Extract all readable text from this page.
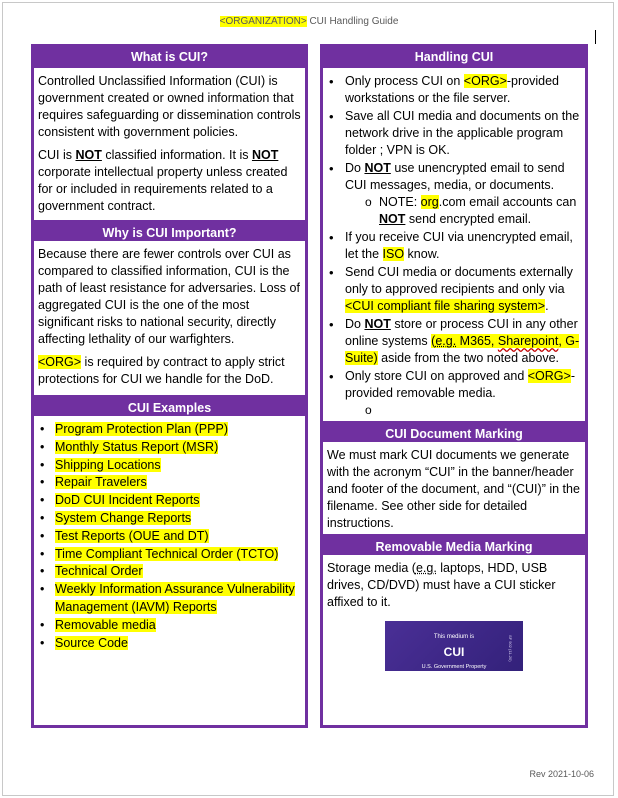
<ORGANIZATION> CUI Handling Guide
What is CUI?

Controlled Unclassified Information (CUI) is government created or owned information that requires safeguarding or dissemination controls consistent with government policies.

CUI is NOT classified information. It is NOT corporate intellectual property unless created for or included in requirements related to a government contract.

Why is CUI Important?

Because there are fewer controls over CUI as compared to classified information, CUI is the path of least resistance for adversaries. Loss of aggregated CUI is the one of the most significant risks to national security, directly affecting lethality of our warfighters.

<ORG> is required by contract to apply strict protections for CUI we handle for the DoD.

CUI Examples
• Program Protection Plan (PPP)
• Monthly Status Report (MSR)
• Shipping Locations
• Repair Travelers
• DoD CUI Incident Reports
• System Change Reports
• Test Reports (OUE and DT)
• Time Compliant Technical Order (TCTO)
• Technical Order
• Weekly Information Assurance Vulnerability Management (IAVM) Reports
• Removable media
• Source Code
Handling CUI
• Only process CUI on <ORG>-provided workstations or the file server.
• Save all CUI media and documents on the network drive in the applicable program folder ; VPN is OK.
• Do NOT use unencrypted email to send CUI messages, media, or documents.
o NOTE: org.com email accounts can NOT send encrypted email.
• If you receive CUI via unencrypted email, let the ISO know.
• Send CUI media or documents externally only to approved recipients and only via <CUI compliant file sharing system>.
• Do NOT store or process CUI in any other online systems (e.g. M365, Sharepoint, G-Suite) aside from the two noted above.
• Only store CUI on approved and <ORG>-provided removable media.
o
CUI Document Marking

We must mark CUI documents we generate with the acronym “CUI” in the banner/header and footer of the document, and “(CUI)” in the filename. See other side for detailed instructions.

Removable Media Marking

Storage media (e.g. laptops, HDD, USB drives, CD/DVD) must have a CUI sticker affixed to it.

This medium is
CUI
U.S. Government Property
SF 902 (11-20)
Rev 2021-10-06
